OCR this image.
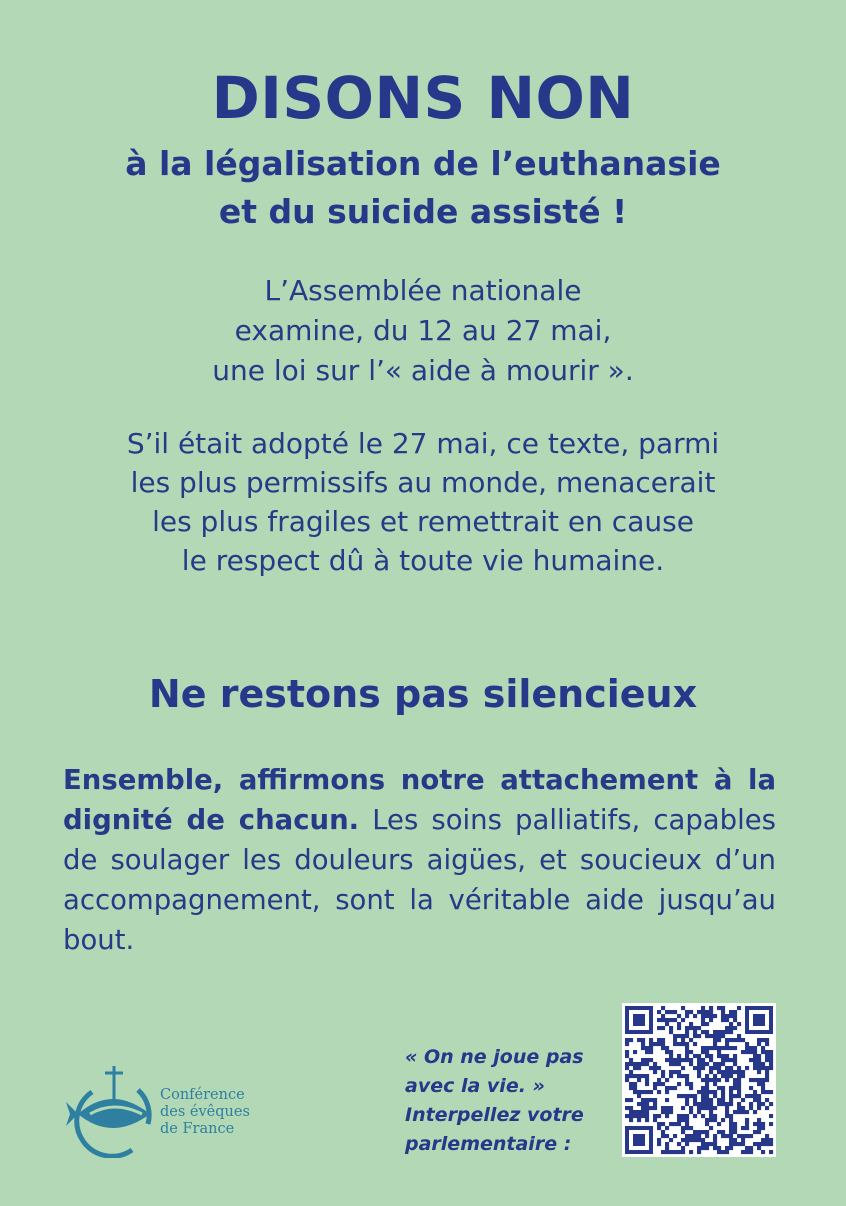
DISONS NON
à la légalisation de l’euthanasie
et du suicide assisté !

L’Assemblée nationale
examine, du 12 au 27 mai,
une loi sur l’« aide à mourir ».

S’il était adopté le 27 mai, ce texte, parmi
les plus permissifs au monde, menacerait
les plus fragiles et remettrait en cause
le respect dû à toute vie humaine.

Ne restons pas silencieux

Ensemble, affirmons notre attachement à la dignité de chacun. Les soins palliatifs, capables de soulager les douleurs aigües, et soucieux d’un accompagnement, sont la véritable aide jusqu’au bout.

Conférence
des évêques
de France
« On ne joue pas
avec la vie. »
Interpellez votre
parlementaire :
